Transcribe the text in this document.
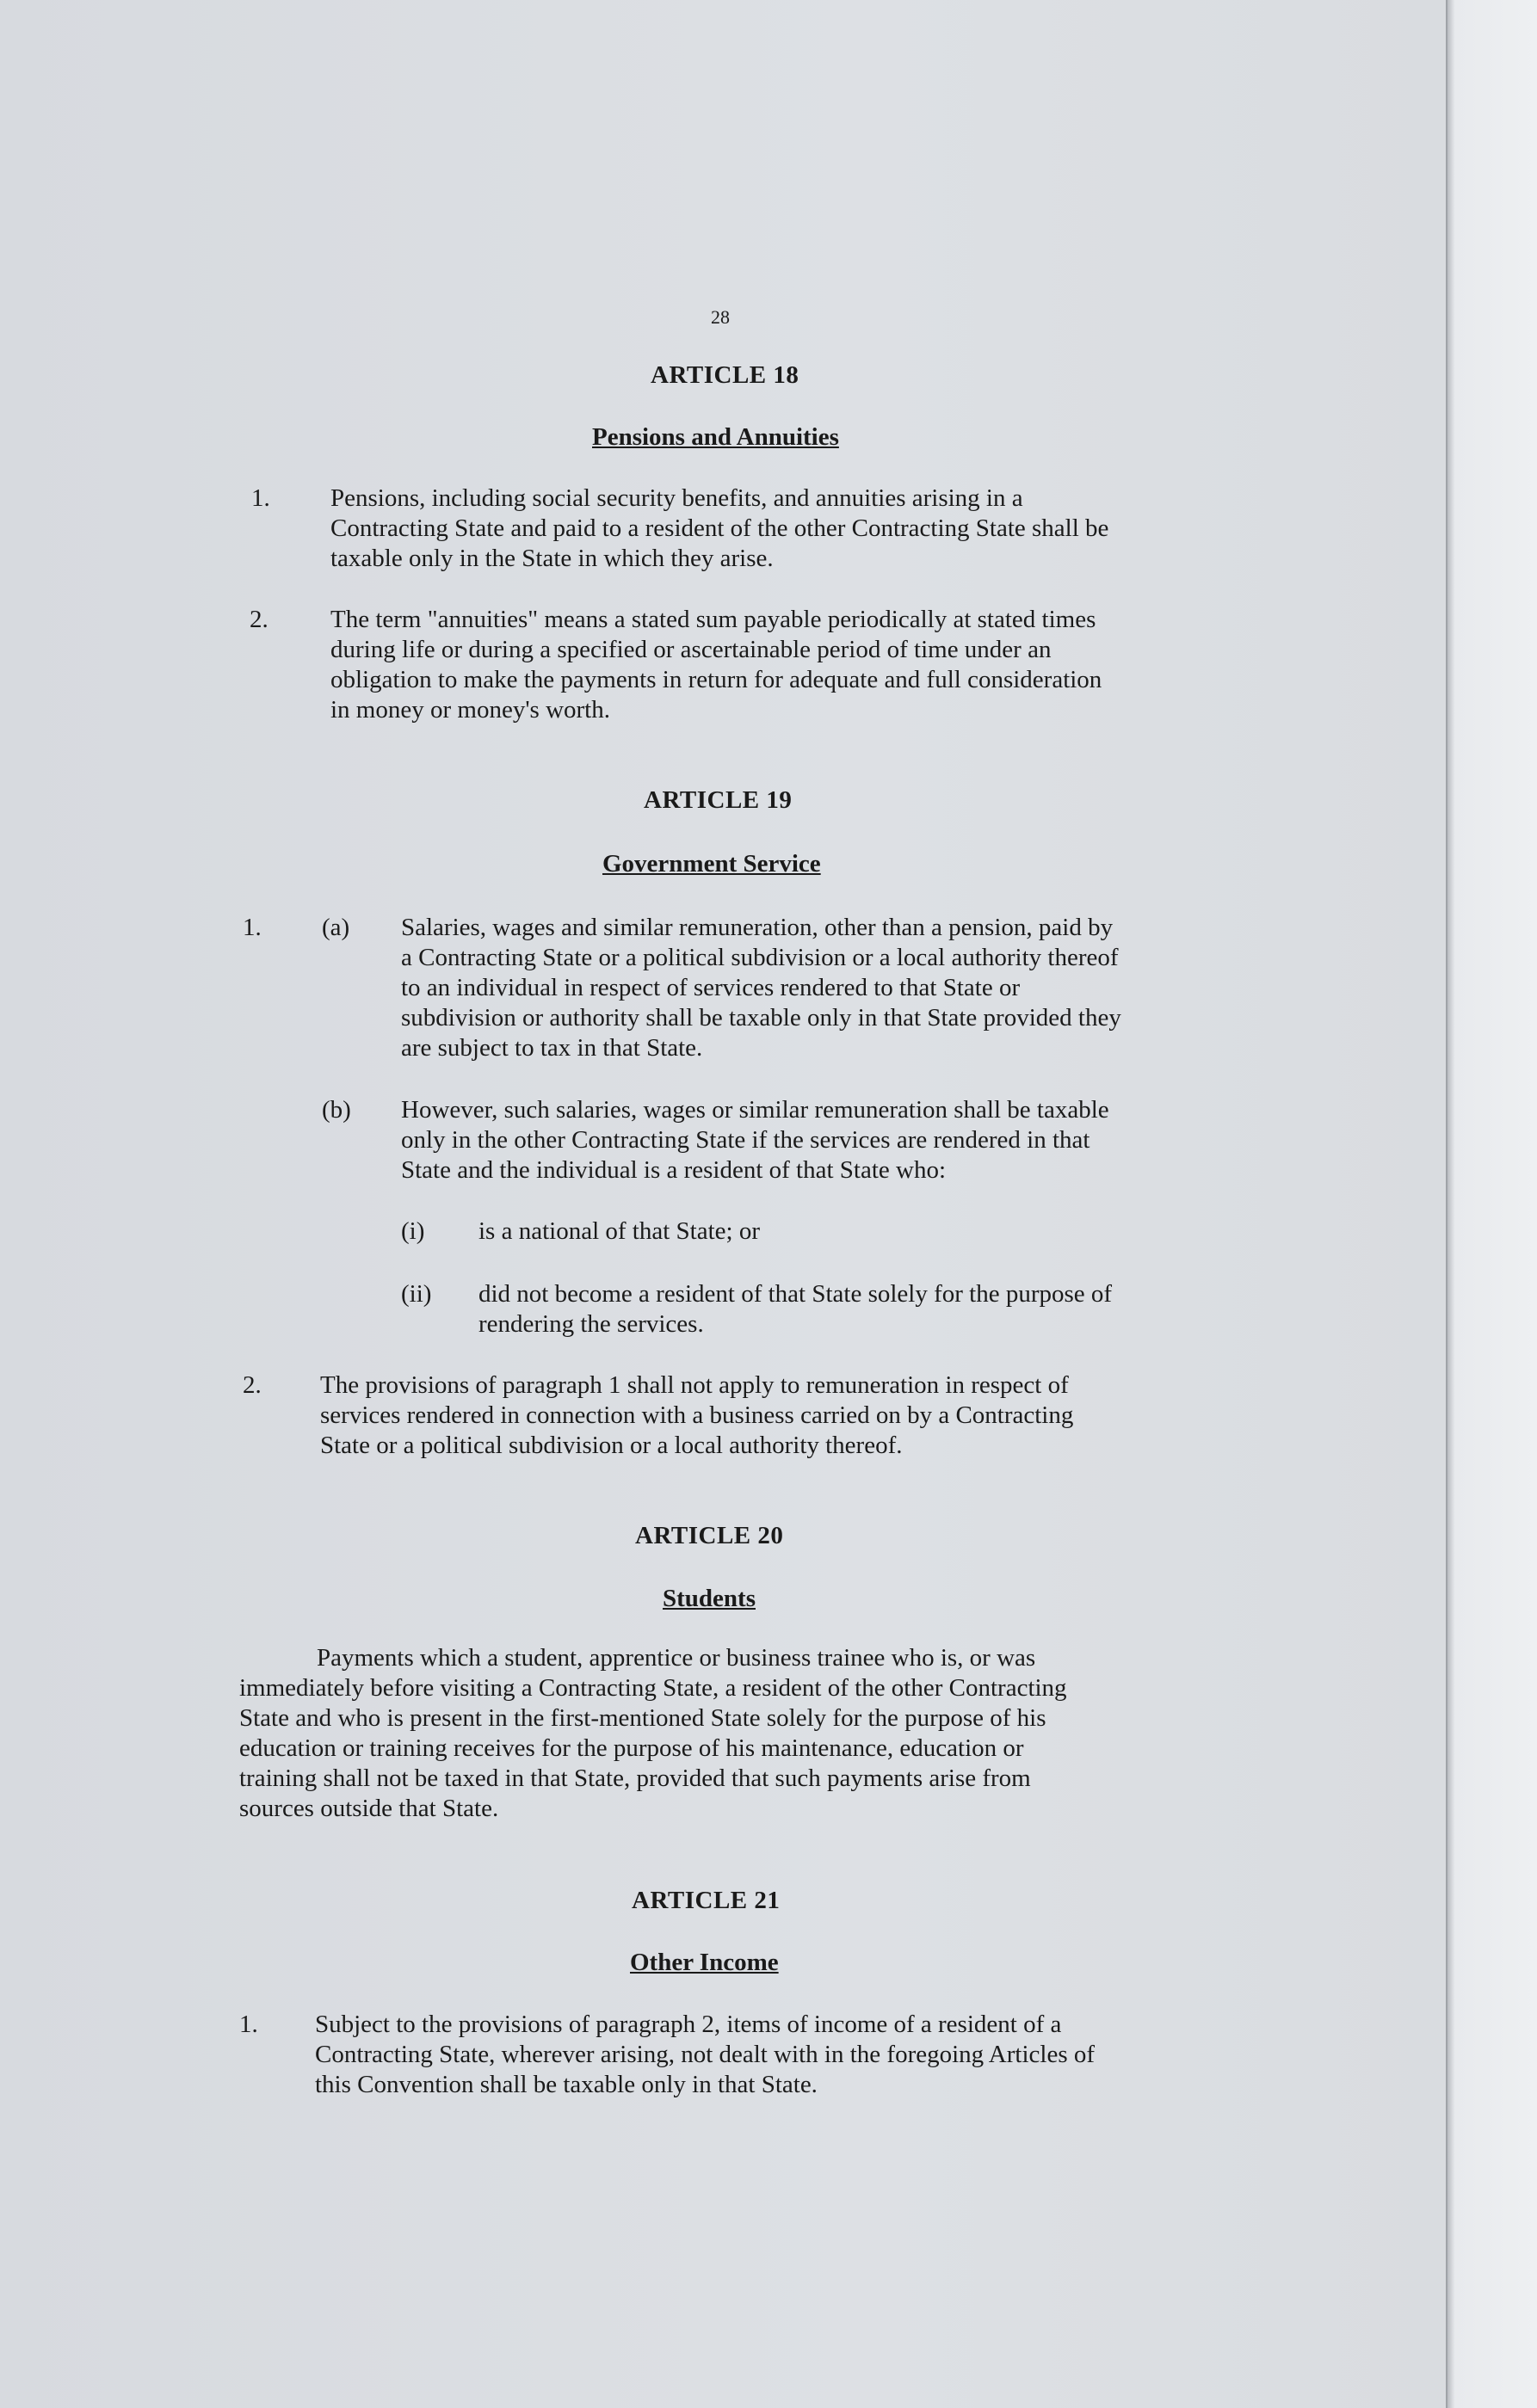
28
ARTICLE 18
Pensions and Annuities
1. Pensions, including social security benefits, and annuities arising in a
Contracting State and paid to a resident of the other Contracting State shall be
taxable only in the State in which they arise.
2. The term "annuities" means a stated sum payable periodically at stated times
during life or during a specified or ascertainable period of time under an
obligation to make the payments in return for adequate and full consideration
in money or money's worth.
ARTICLE 19
Government Service
1. (a) Salaries, wages and similar remuneration, other than a pension, paid by
a Contracting State or a political subdivision or a local authority thereof
to an individual in respect of services rendered to that State or
subdivision or authority shall be taxable only in that State provided they
are subject to tax in that State.
(b) However, such salaries, wages or similar remuneration shall be taxable
only in the other Contracting State if the services are rendered in that
State and the individual is a resident of that State who:
(i) is a national of that State; or
(ii) did not become a resident of that State solely for the purpose of
rendering the services.
2. The provisions of paragraph 1 shall not apply to remuneration in respect of
services rendered in connection with a business carried on by a Contracting
State or a political subdivision or a local authority thereof.
ARTICLE 20
Students
Payments which a student, apprentice or business trainee who is, or was
immediately before visiting a Contracting State, a resident of the other Contracting
State and who is present in the first-mentioned State solely for the purpose of his
education or training receives for the purpose of his maintenance, education or
training shall not be taxed in that State, provided that such payments arise from
sources outside that State.
ARTICLE 21
Other Income
1. Subject to the provisions of paragraph 2, items of income of a resident of a
Contracting State, wherever arising, not dealt with in the foregoing Articles of
this Convention shall be taxable only in that State.
